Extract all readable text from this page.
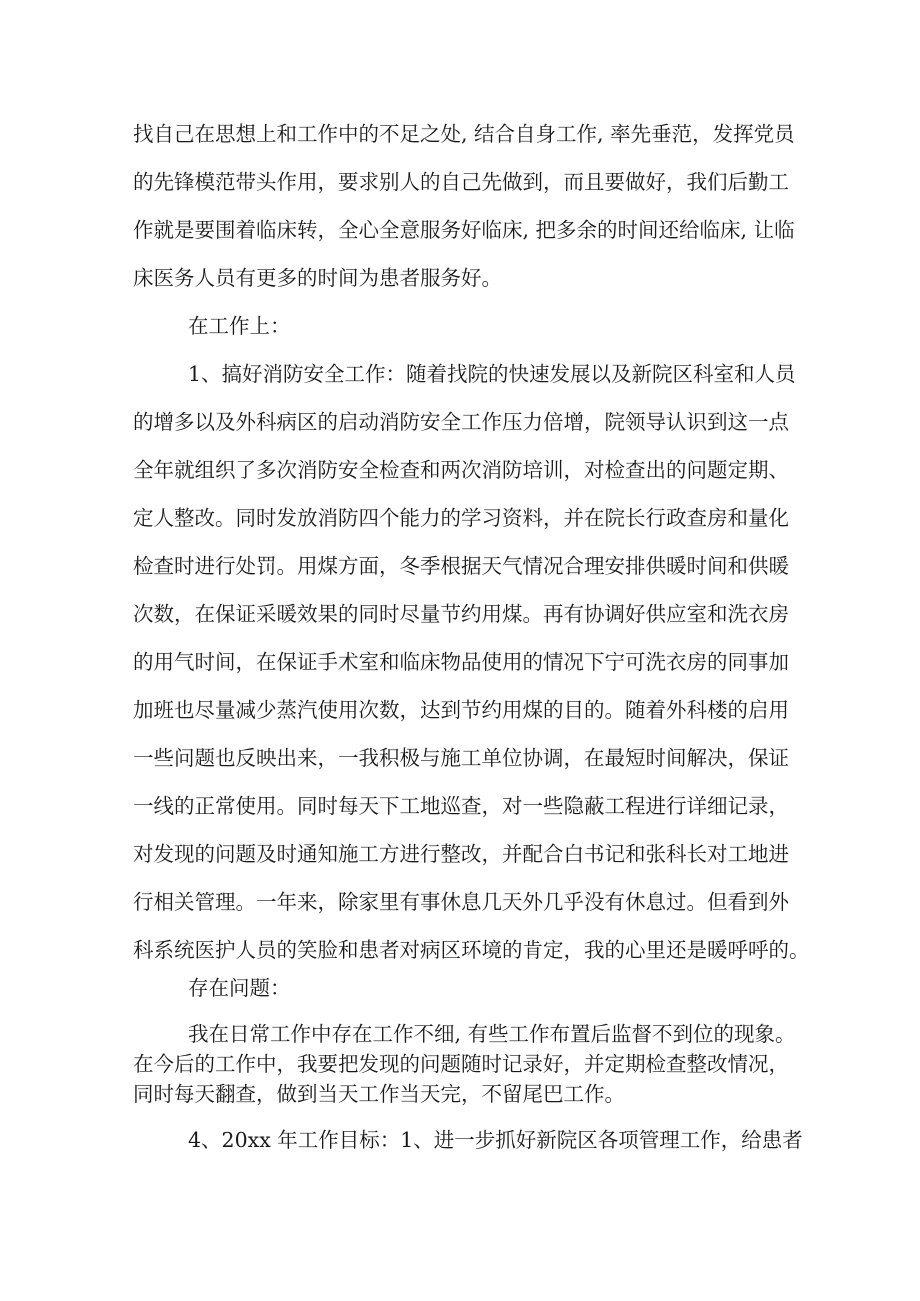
找自己在思想上和工作中的不足之处, 结合自身工作, 率先垂范，发挥党员
的先锋模范带头作用，要求别人的自己先做到，而且要做好，我们后勤工
作就是要围着临床转，全心全意服务好临床, 把多余的时间还给临床, 让临
床医务人员有更多的时间为患者服务好。
在工作上：
1、搞好消防安全工作：随着找院的快速发展以及新院区科室和人员
的增多以及外科病区的启动消防安全工作压力倍增，院领导认识到这一点
全年就组织了多次消防安全检查和两次消防培训，对检查出的问题定期、
定人整改。同时发放消防四个能力的学习资料，并在院长行政查房和量化
检查时进行处罚。用煤方面，冬季根据天气情况合理安排供暖时间和供暖
次数，在保证采暖效果的同时尽量节约用煤。再有协调好供应室和洗衣房
的用气时间，在保证手术室和临床物品使用的情况下宁可洗衣房的同事加
加班也尽量减少蒸汽使用次数，达到节约用煤的目的。随着外科楼的启用
一些问题也反映出来，一我积极与施工单位协调，在最短时间解决，保证
一线的正常使用。同时每天下工地巡查，对一些隐蔽工程进行详细记录，
对发现的问题及时通知施工方进行整改，并配合白书记和张科长对工地进
行相关管理。一年来，除家里有事休息几天外几乎没有休息过。但看到外
科系统医护人员的笑脸和患者对病区环境的肯定，我的心里还是暖呼呼的。
存在问题：
我在日常工作中存在工作不细, 有些工作布置后监督不到位的现象。
在今后的工作中，我要把发现的问题随时记录好，并定期检查整改情况，
同时每天翻查，做到当天工作当天完，不留尾巴工作。
4、20xx 年工作目标：1、进一步抓好新院区各项管理工作，给患者
